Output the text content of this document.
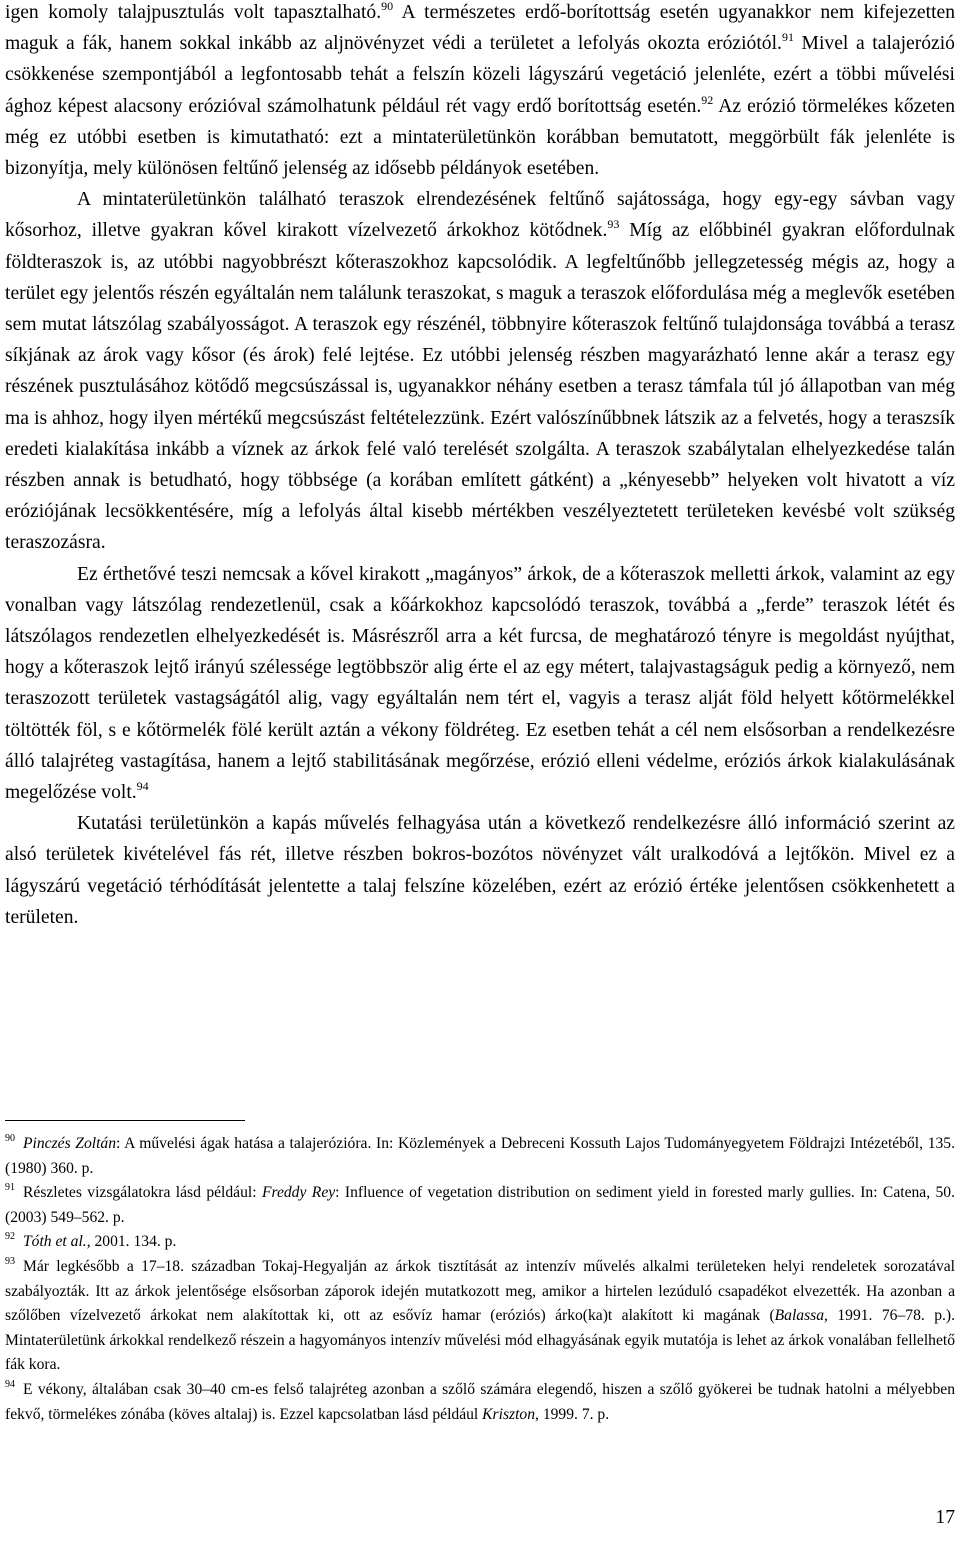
igen komoly talajpusztulás volt tapasztalható.$^{90}$ A természetes erdő-borítottság esetén ugyanakkor nem kifejezetten maguk a fák, hanem sokkal inkább az aljnövényzet védi a területet a lefolyás okozta eróziótól.$^{91}$ Mivel a talajerózió csökkenése szempontjából a legfontosabb tehát a felszín közeli lágyszárú vegetáció jelenléte, ezért a többi művelési ághoz képest alacsony erózióval számolhatunk például rét vagy erdő borítottság esetén.$^{92}$ Az erózió törmelékes kőzeten még ez utóbbi esetben is kimutatható: ezt a mintaterületünkön korábban bemutatott, meggörbült fák jelenléte is bizonyítja, mely különösen feltűnő jelenség az idősebb példányok esetében.

A mintaterületünkön található teraszok elrendezésének feltűnő sajátossága, hogy egy-egy sávban vagy kősorhoz, illetve gyakran kővel kirakott vízelvezető árkokhoz kötődnek.$^{93}$ Míg az előbbinél gyakran előfordulnak földteraszok is, az utóbbi nagyobbrészt kőteraszokhoz kapcsolódik. A legfeltűnőbb jellegzetesség mégis az, hogy a terület egy jelentős részén egyáltalán nem találunk teraszokat, s maguk a teraszok előfordulása még a meglevők esetében sem mutat látszólag szabályosságot. A teraszok egy részénél, többnyire kőteraszok feltűnő tulajdonsága továbbá a terasz síkjának az árok vagy kősor (és árok) felé lejtése. Ez utóbbi jelenség részben magyarázható lenne akár a terasz egy részének pusztulásához kötődő megcsúszással is, ugyanakkor néhány esetben a terasz támfala túl jó állapotban van még ma is ahhoz, hogy ilyen mértékű megcsúszást feltételezzünk. Ezért valószínűbbnek látszik az a felvetés, hogy a teraszsík eredeti kialakítása inkább a víznek az árkok felé való terelését szolgálta. A teraszok szabálytalan elhelyezkedése talán részben annak is betudható, hogy többsége (a korában említett gátként) a „kényesebb” helyeken volt hivatott a víz eróziójának lecsökkentésére, míg a lefolyás által kisebb mértékben veszélyeztetett területeken kevésbé volt szükség teraszozásra.

Ez érthetővé teszi nemcsak a kővel kirakott „magányos” árkok, de a kőteraszok melletti árkok, valamint az egy vonalban vagy látszólag rendezetlenül, csak a kőárkokhoz kapcsolódó teraszok, továbbá a „ferde” teraszok létét és látszólagos rendezetlen elhelyezkedését is. Másrészről arra a két furcsa, de meghatározó tényre is megoldást nyújthat, hogy a kőteraszok lejtő irányú szélessége legtöbbször alig érte el az egy métert, talajvastagságuk pedig a környező, nem teraszozott területek vastagságától alig, vagy egyáltalán nem tért el, vagyis a terasz alját föld helyett kőtörmelékkel töltötték föl, s e kőtörmelék fölé került aztán a vékony földréteg. Ez esetben tehát a cél nem elsősorban a rendelkezésre álló talajréteg vastagítása, hanem a lejtő stabilitásának megőrzése, erózió elleni védelme, eróziós árkok kialakulásának megelőzése volt.$^{94}$

Kutatási területünkön a kapás művelés felhagyása után a következő rendelkezésre álló információ szerint az alsó területek kivételével fás rét, illetve részben bokros-bozótos növényzet vált uralkodóvá a lejtőkön. Mivel ez a lágyszárú vegetáció térhódítását jelentette a talaj felszíne közelében, ezért az erózió értéke jelentősen csökkenhetett a területen.

$^{90}$ Pinczés Zoltán: A művelési ágak hatása a talajerózióra. In: Közlemények a Debreceni Kossuth Lajos Tudományegyetem Földrajzi Intézetéből, 135. (1980) 360. p.

$^{91}$ Részletes vizsgálatokra lásd például: Freddy Rey: Influence of vegetation distribution on sediment yield in forested marly gullies. In: Catena, 50. (2003) 549–562. p.

$^{92}$ Tóth et al., 2001. 134. p.

$^{93}$ Már legkésőbb a 17–18. században Tokaj-Hegyalján az árkok tisztítását az intenzív művelés alkalmi területeken helyi rendeletek sorozatával szabályozták. Itt az árkok jelentősége elsősorban záporok idején mutatkozott meg, amikor a hirtelen lezúduló csapadékot elvezették. Ha azonban a szőlőben vízelvezető árkokat nem alakítottak ki, ott az esővíz hamar (eróziós) árko(ka)t alakított ki magának (Balassa, 1991. 76–78. p.). Mintaterületünk árkokkal rendelkező részein a hagyományos intenzív művelési mód elhagyásának egyik mutatója is lehet az árkok vonalában fellelhető fák kora.

$^{94}$ E vékony, általában csak 30–40 cm-es felső talajréteg azonban a szőlő számára elegendő, hiszen a szőlő gyökerei be tudnak hatolni a mélyebben fekvő, törmelékes zónába (köves altalaj) is. Ezzel kapcsolatban lásd például Kriszton, 1999. 7. p.

17
